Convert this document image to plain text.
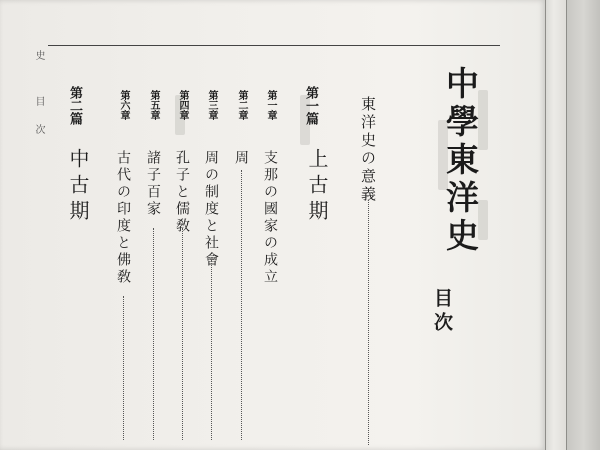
史
目
次	中學東洋史
目次
東洋史の意義
第一篇
上古期
第一章
支那の國家の成立
第二章
周
第三章
周の制度と社會
第四章
孔子と儒敎
第五章
諸子百家
第六章
古代の印度と佛敎
第二篇
中古期
